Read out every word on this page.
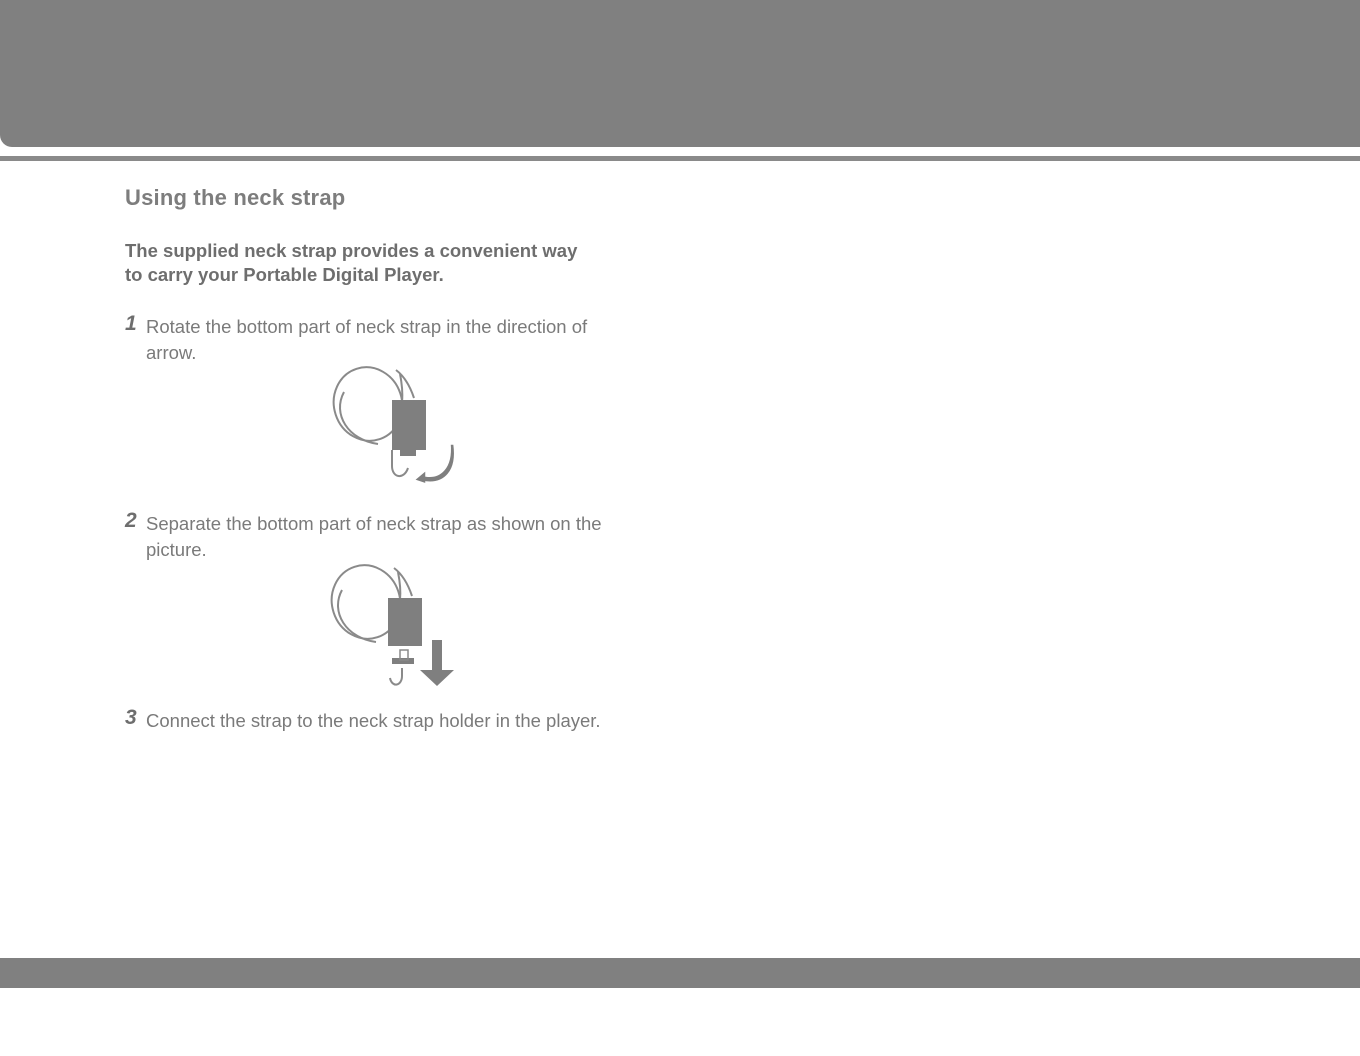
Using the neck strap

The supplied neck strap provides a convenient way
to carry your Portable Digital Player.

1 Rotate the bottom part of neck strap in the direction of
arrow.
2 Separate the bottom part of neck strap as shown on the
picture.
3 Connect the strap to the neck strap holder in the player.
